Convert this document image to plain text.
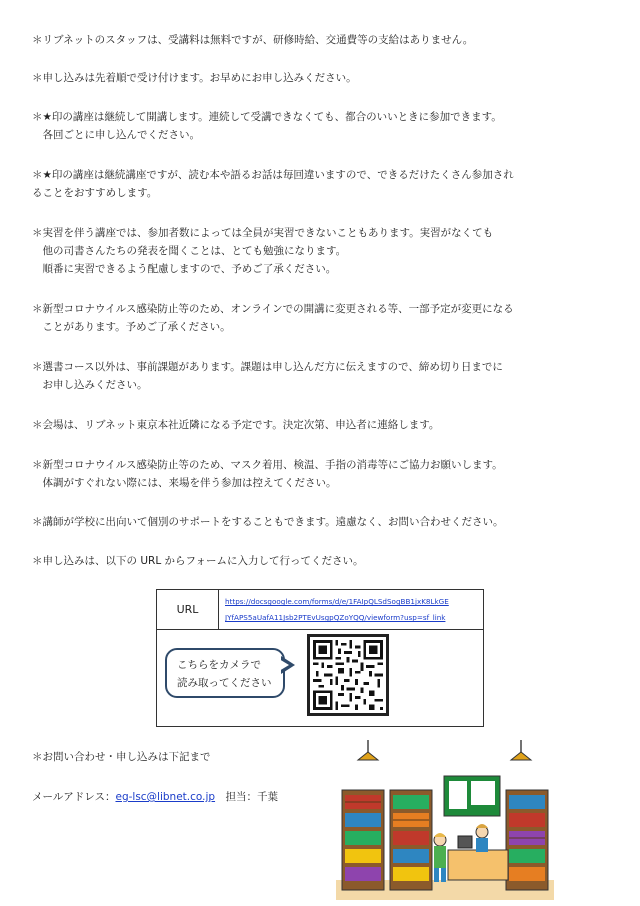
＊リブネットのスタッフは、受講料は無料ですが、研修時給、交通費等の支給はありません。

＊申し込みは先着順で受け付けます。お早めにお申し込みください。

＊★印の講座は継続して開講します。連続して受講できなくても、都合のいいときに参加できます。
　各回ごとに申し込んでください。

＊★印の講座は継続講座ですが、読む本や語るお話は毎回違いますので、できるだけたくさん参加され
ることをおすすめします。

＊実習を伴う講座では、参加者数によっては全員が実習できないこともあります。実習がなくても
　他の司書さんたちの発表を聞くことは、とても勉強になります。
　順番に実習できるよう配慮しますので、予めご了承ください。

＊新型コロナウイルス感染防止等のため、オンラインでの開講に変更される等、一部予定が変更になる
　ことがあります。予めご了承ください。

＊選書コース以外は、事前課題があります。課題は申し込んだ方に伝えますので、締め切り日までに
　お申し込みください。

＊会場は、リブネット東京本社近隣になる予定です。決定次第、申込者に連絡します。

＊新型コロナウイルス感染防止等のため、マスク着用、検温、手指の消毒等にご協力お願いします。
　体調がすぐれない際には、来場を伴う参加は控えてください。

＊講師が学校に出向いて個別のサポートをすることもできます。遠慮なく、お問い合わせください。

＊申し込みは、以下の URL からフォームに入力して行ってください。

URL
https://docsgoogle.com/forms/d/e/1FAIpQLSdSogBB1jxK8LkGE
JYfAPS5aUafA11Jsb2PTEvUsgpQZoYQQ/viewform?usp=sf_link
こちらをカメラで
読み取ってください
＊お問い合わせ・申し込みは下記まで
メールアドレス：eg-lsc@libnet.co.jp　担当：千葉
